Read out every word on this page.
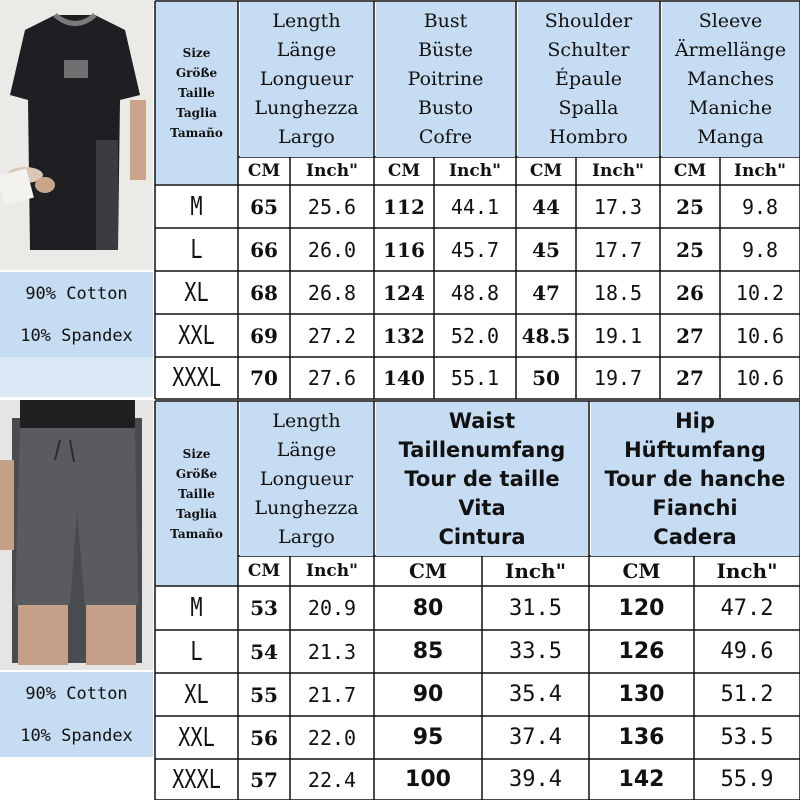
90% Cotton
10% Spandex
Size
Größe
Taille
Taglia
Tamaño
90% Cotton
10% Spandex
Size
Größe
Taille
Taglia
Tamaño
Length
Länge
Longueur
Lunghezza
Largo
CM	Inch"
Bust
Büste
Poitrine
Busto
Cofre
CM	Inch"
Shoulder
Schulter
Épaule
Spalla
Hombro
CM	Inch"
Sleeve
Ärmellänge
Manches
Maniche
Manga
CM	Inch"
M	65	25.6	112	44.1	44	17.3	25	9.8
L	66	26.0	116	45.7	45	17.7	25	9.8
XL	68	26.8	124	48.8	47	18.5	26	10.2
XXL	69	27.2	132	52.0	48.5	19.1	27	10.6
XXXL	70	27.6	140	55.1	50	19.7	27	10.6
Length
Länge
Longueur
Lunghezza
Largo
CM	Inch"
Waist
Taillenumfang
Tour de taille
Vita
Cintura
CM	Inch"
Hip
Hüftumfang
Tour de hanche
Fianchi
Cadera
CM	Inch"
M	53	20.9	80	31.5	120	47.2
L	54	21.3	85	33.5	126	49.6
XL	55	21.7	90	35.4	130	51.2
XXL	56	22.0	95	37.4	136	53.5
XXXL	57	22.4	100	39.4	142	55.9
